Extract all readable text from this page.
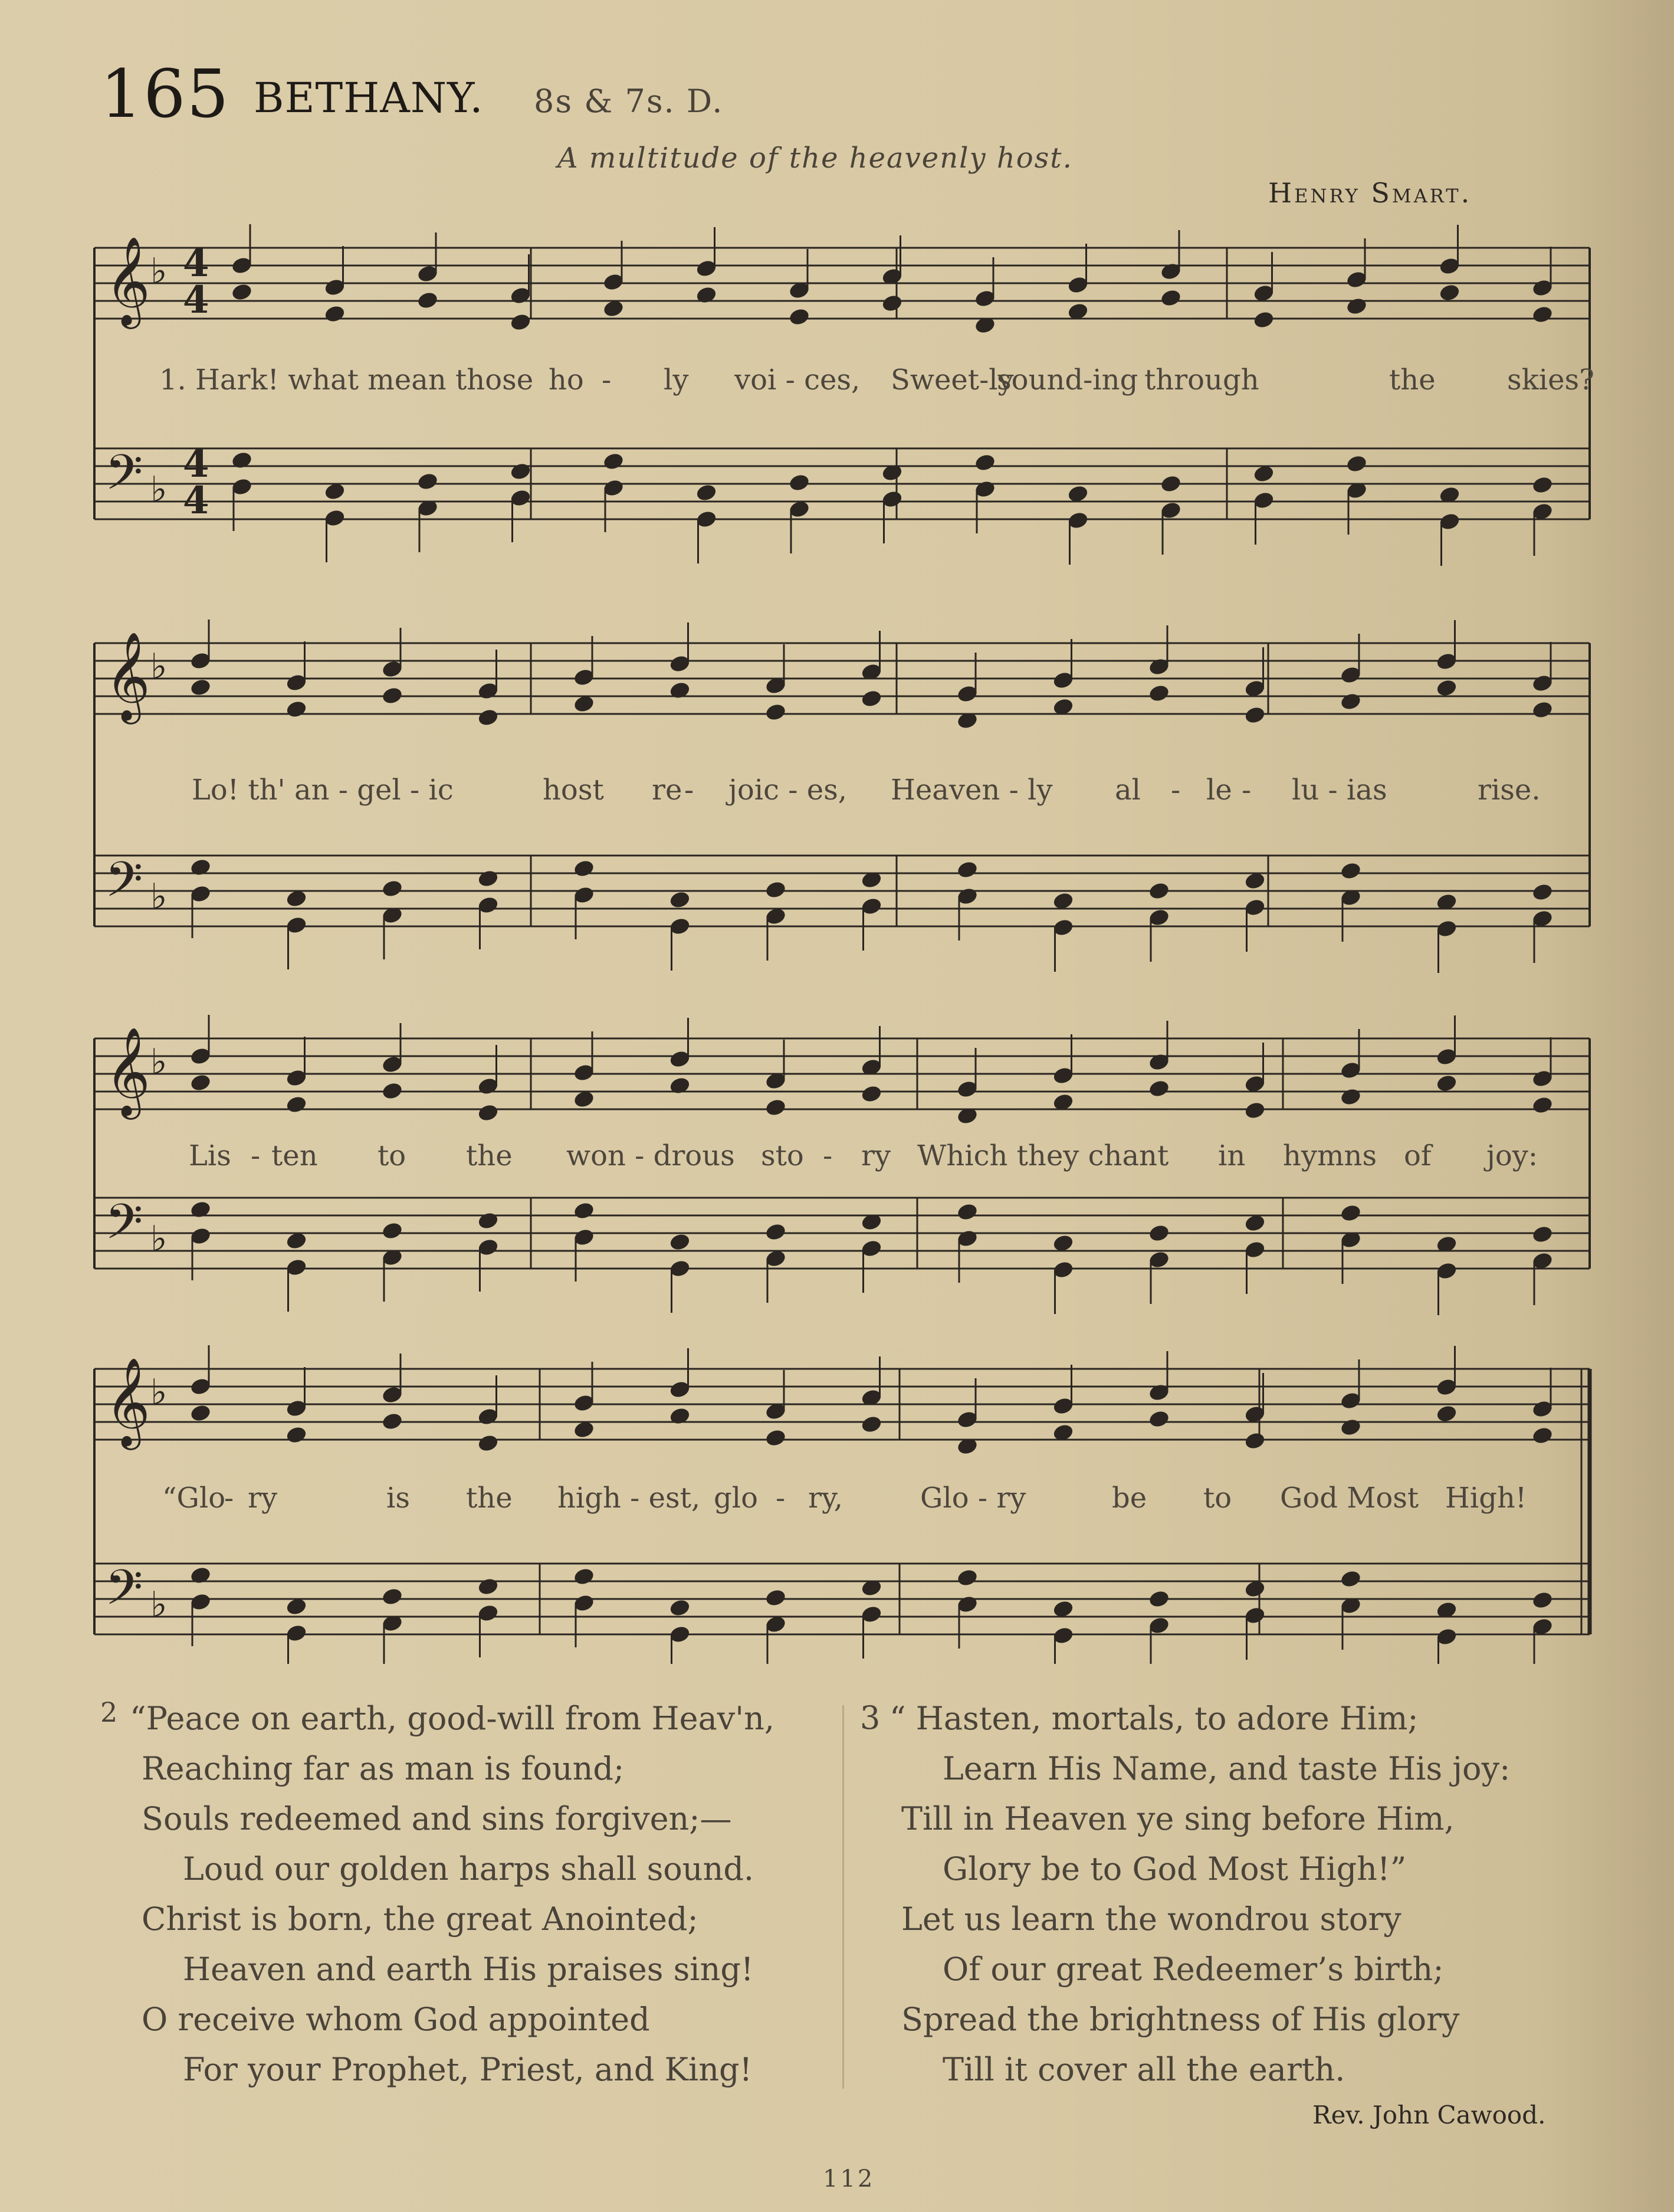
165 BETHANY. 8s & 7s. D.
A multitude of the heavenly host.
Henry Smart.
𝄞
𝄢
♭
♭
4
4
4
4
1. Hark! what mean those ho - ly voi - ces, Sweet-ly
sound-ing through	the	skies?
𝄞
𝄢
♭
♭
Lo! th' an - gel - ic	host re - joic - es, Heaven - ly al - le - lu - ias	rise.
𝄞
𝄢
♭
♭
Lis - ten to the won - drous sto - ry Which they chant in hymns of joy:
𝄞
𝄢
♭
♭
“Glo
- ry	is the high - est, glo - ry,	Glo - ry	be to God Most High!
2 “Peace on earth, good-will from Heav'n,
Reaching far as man is found;
Souls redeemed and sins forgiven;—
Loud our golden harps shall sound.
Christ is born, the great Anointed;
Heaven and earth His praises sing!
O receive whom God appointed
For your Prophet, Priest, and King!
3 “ Hasten, mortals, to adore Him;
Learn His Name, and taste His joy:
Till in Heaven ye sing before Him,
Glory be to God Most High!”
Let us learn the wondrou story
Of our great Redeemer’s birth;
Spread the brightness of His glory
Till it cover all the earth.
Rev. John Cawood.
112
